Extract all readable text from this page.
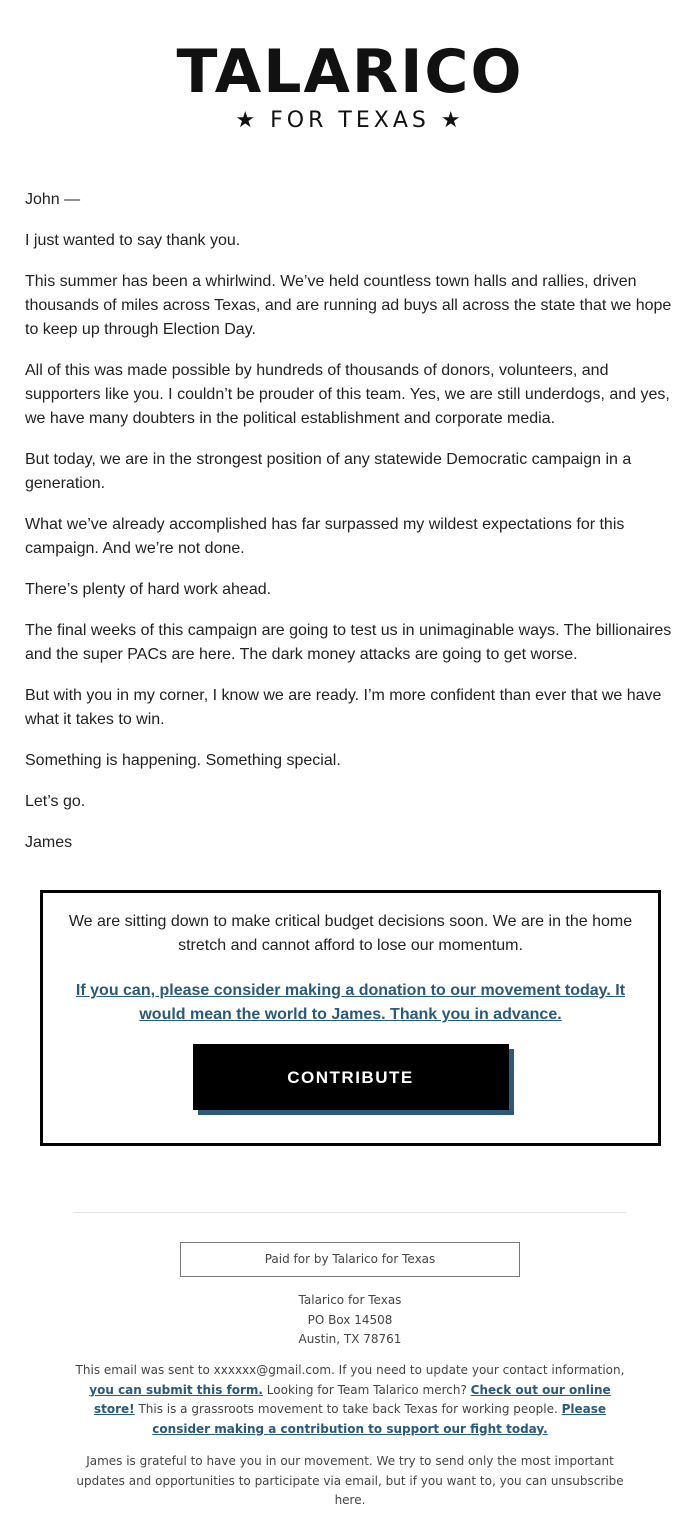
TALARICO
★ FOR TEXAS ★

John —

I just wanted to say thank you.

This summer has been a whirlwind. We’ve held countless town halls and rallies, driven thousands of miles across Texas, and are running ad buys all across the state that we hope to keep up through Election Day.

All of this was made possible by hundreds of thousands of donors, volunteers, and supporters like you. I couldn’t be prouder of this team. Yes, we are still underdogs, and yes, we have many doubters in the political establishment and corporate media.

But today, we are in the strongest position of any statewide Democratic campaign in a generation.

What we’ve already accomplished has far surpassed my wildest expectations for this campaign. And we’re not done.

There’s plenty of hard work ahead.

The final weeks of this campaign are going to test us in unimaginable ways. The billionaires and the super PACs are here. The dark money attacks are going to get worse.

But with you in my corner, I know we are ready. I’m more confident than ever that we have what it takes to win.

Something is happening. Something special.

Let’s go.

James

We are sitting down to make critical budget decisions soon. We are in the home stretch and cannot afford to lose our momentum.
If you can, please consider making a donation to our movement today. It would mean the world to James. Thank you in advance.
CONTRIBUTE
Paid for by Talarico for Texas
Talarico for Texas
PO Box 14508
Austin, TX 78761
This email was sent to xxxxxx@gmail.com. If you need to update your contact information, you can submit this form. Looking for Team Talarico merch? Check out our online store! This is a grassroots movement to take back Texas for working people. Please consider making a contribution to support our fight today.
James is grateful to have you in our movement. We try to send only the most important updates and opportunities to participate via email, but if you want to, you can unsubscribe here.
